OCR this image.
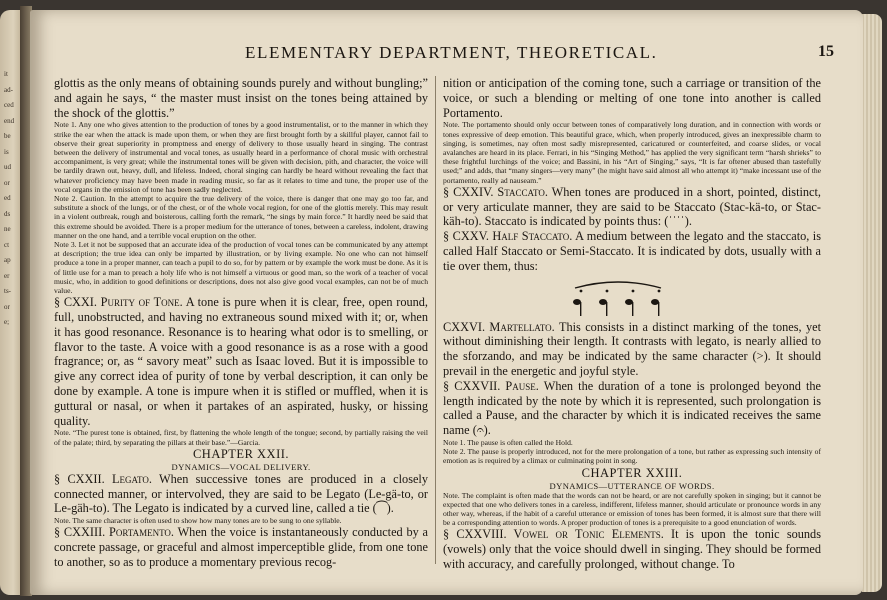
it
ad-
ced
end
be
is
ud
or
ed
ds
ne
ct
ap
er
ts-
or
e;
ELEMENTARY DEPARTMENT, THEORETICAL.	15

glottis as the only means of obtaining sounds purely and without bungling;” and again he says, “ the master must insist on the tones being attained by the shock of the glottis.”

Note 1. Any one who gives attention to the production of tones by a good instrumentalist, or to the manner in which they strike the ear when the attack is made upon them, or when they are first brought forth by a skillful player, cannot fail to observe their great superiority in promptness and energy of delivery to those usually heard in singing. The contrast between the delivery of instrumental and vocal tones, as usually heard in a performance of choral music with orchestral accompaniment, is very great; while the instrumental tones will be given with decision, pith, and character, the voice will be tardily drawn out, heavy, dull, and lifeless. Indeed, choral singing can hardly be heard without revealing the fact that whatever proficiency may have been made in reading music, so far as it relates to time and tune, the proper use of the vocal organs in the emission of tone has been sadly neglected.

Note 2. Caution. In the attempt to acquire the true delivery of the voice, there is danger that one may go too far, and substitute a shock of the lungs, or of the chest, or of the whole vocal region, for one of the glottis merely. This may result in a violent outbreak, rough and boisterous, calling forth the remark, “he sings by main force.” It hardly need be said that this extreme should be avoided. There is a proper medium for the utterance of tones, between a careless, indolent, drawing manner on the one hand, and a terrible vocal eruption on the other.

Note 3. Let it not be supposed that an accurate idea of the production of vocal tones can be communicated by any attempt at description; the true idea can only be imparted by illustration, or by living example. No one who can not himself produce a tone in a proper manner, can teach a pupil to do so, for by pattern or by example the work must be done. As it is of little use for a man to preach a holy life who is not himself a virtuous or good man, so the work of a teacher of vocal music, who, in addition to good definitions or descriptions, does not also give good vocal examples, can not be of much value.

§ CXXI. Purity of Tone. A tone is pure when it is clear, free, open round, full, unobstructed, and having no extraneous sound mixed with it; or, when it has good resonance. Resonance is to hearing what odor is to smelling, or flavor to the taste. A voice with a good resonance is as a rose with a good fragrance; or, as “ savory meat” such as Isaac loved. But it is impossible to give any correct idea of purity of tone by verbal description, it can only be done by example. A tone is impure when it is stifled or muffled, when it is guttural or nasal, or when it partakes of an aspirated, husky, or hissing quality.

Note. “The purest tone is obtained, first, by flattening the whole length of the tongue; second, by partially raising the veil of the palate; third, by separating the pillars at their base.”—Garcia.

CHAPTER XXII.

DYNAMICS—VOCAL DELIVERY.

§ CXXII. Legato. When successive tones are produced in a closely connected manner, or intervolved, they are said to be Legato (Le-gä-to, or Le-gäh-to). The Legato is indicated by a curved line, called a tie (⁀).

Note. The same character is often used to show how many tones are to be sung to one syllable.

§ CXXIII. Portamento. When the voice is instantaneously conducted by a concrete passage, or graceful and almost imperceptible glide, from one tone to another, so as to produce a momentary previous recog-

nition or anticipation of the coming tone, such a carriage or transition of the voice, or such a blending or melting of one tone into another is called Portamento.

Note. The portamento should only occur between tones of comparatively long duration, and in connection with words or tones expressive of deep emotion. This beautiful grace, which, when properly introduced, gives an inexpressible charm to singing, is sometimes, nay often most sadly misrepresented, caricatured or counterfeited, and coarse slides, or vocal avalanches are heard in its place. Ferrari, in his “Singing Method,” has applied the very significant term “harsh shrieks” to these frightful lurchings of the voice; and Bassini, in his “Art of Singing,” says, “It is far oftener abused than tastefully used;” and adds, that “many singers—very many” (he might have said almost all who attempt it) “make incessant use of the portamento, really ad nauseam.”

§ CXXIV. Staccato. When tones are produced in a short, pointed, distinct, or very articulate manner, they are said to be Staccato (Stac-kä-to, or Stac-käh-to). Staccato is indicated by points thus: (ˈˈˈˈ).

§ CXXV. Half Staccato. A medium between the legato and the staccato, is called Half Staccato or Semi-Staccato. It is indicated by dots, usually with a tie over them, thus:

CXXVI. Martellato. This consists in a distinct marking of the tones, yet without diminishing their length. It contrasts with legato, is nearly allied to the sforzando, and may be indicated by the same character (>). It should prevail in the energetic and joyful style.

§ CXXVII. Pause. When the duration of a tone is prolonged beyond the length indicated by the note by which it is represented, such prolongation is called a Pause, and the character by which it is indicated receives the same name (𝄐).

Note 1. The pause is often called the Hold.

Note 2. The pause is properly introduced, not for the mere prolongation of a tone, but rather as expressing such intensity of emotion as is required by a climax or culminating point in song.

CHAPTER XXIII.

DYNAMICS—UTTERANCE OF WORDS.

Note. The complaint is often made that the words can not be heard, or are not carefully spoken in singing; but it cannot be expected that one who delivers tones in a careless, indifferent, lifeless manner, should articulate or pronounce words in any other way, whereas, if the habit of a careful utterance or emission of tones has been formed, it is almost sure that there will be a corresponding attention to words. A proper production of tones is a prerequisite to a good enunciation of words.

§ CXXVIII. Vowel or Tonic Elements. It is upon the tonic sounds (vowels) only that the voice should dwell in singing. They should be formed with accuracy, and carefully prolonged, without change. To
